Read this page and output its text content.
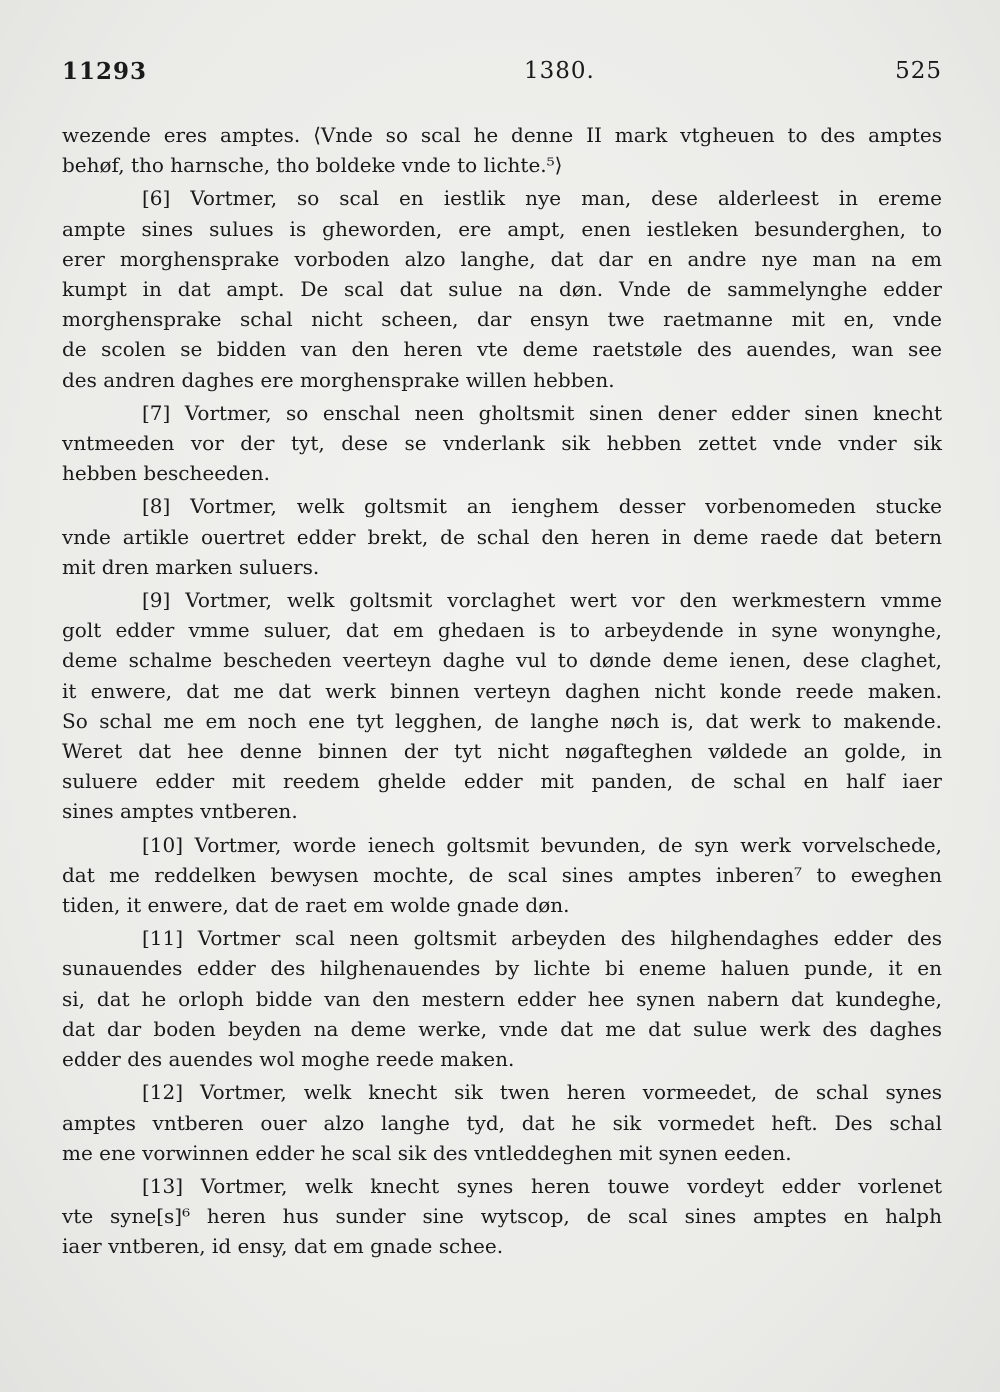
11293	1380.	525
wezende eres amptes. ⟨Vnde so scal he denne II mark vtgheuen to des amptes
behøf, tho harnsche, tho boldeke vnde to lichte.⁵⟩
[6] Vortmer, so scal en iestlik nye man, dese alderleest in ereme
ampte sines sulues is gheworden, ere ampt, enen iestleken besunderghen, to
erer morghensprake vorboden alzo langhe, dat dar en andre nye man na em
kumpt in dat ampt. De scal dat sulue na døn. Vnde de sammelynghe edder
morghensprake schal nicht scheen, dar ensyn twe raetmanne mit en, vnde
de scolen se bidden van den heren vte deme raetstøle des auendes, wan see
des andren daghes ere morghensprake willen hebben.
[7] Vortmer, so enschal neen gholtsmit sinen dener edder sinen knecht
vntmeeden vor der tyt, dese se vnderlank sik hebben zettet vnde vnder sik
hebben bescheeden.
[8] Vortmer, welk goltsmit an ienghem desser vorbenomeden stucke
vnde artikle ouertret edder brekt, de schal den heren in deme raede dat betern
mit dren marken suluers.
[9] Vortmer, welk goltsmit vorclaghet wert vor den werkmestern vmme
golt edder vmme suluer, dat em ghedaen is to arbeydende in syne wonynghe,
deme schalme bescheden veerteyn daghe vul to dønde deme ienen, dese claghet,
it enwere, dat me dat werk binnen verteyn daghen nicht konde reede maken.
So schal me em noch ene tyt legghen, de langhe nøch is, dat werk to makende.
Weret dat hee denne binnen der tyt nicht nøgafteghen vøldede an golde, in
suluere edder mit reedem ghelde edder mit panden, de schal en half iaer
sines amptes vntberen.
[10] Vortmer, worde ienech goltsmit bevunden, de syn werk vorvelschede,
dat me reddelken bewysen mochte, de scal sines amptes inberen⁷ to eweghen
tiden, it enwere, dat de raet em wolde gnade døn.
[11] Vortmer scal neen goltsmit arbeyden des hilghendaghes edder des
sunauendes edder des hilghenauendes by lichte bi eneme haluen punde, it en
si, dat he orloph bidde van den mestern edder hee synen nabern dat kundeghe,
dat dar boden beyden na deme werke, vnde dat me dat sulue werk des daghes
edder des auendes wol moghe reede maken.
[12] Vortmer, welk knecht sik twen heren vormeedet, de schal synes
amptes vntberen ouer alzo langhe tyd, dat he sik vormedet heft. Des schal
me ene vorwinnen edder he scal sik des vntleddeghen mit synen eeden.
[13] Vortmer, welk knecht synes heren touwe vordeyt edder vorlenet
vte syne[s]⁶ heren hus sunder sine wytscop, de scal sines amptes en halph
iaer vntberen, id ensy, dat em gnade schee.
